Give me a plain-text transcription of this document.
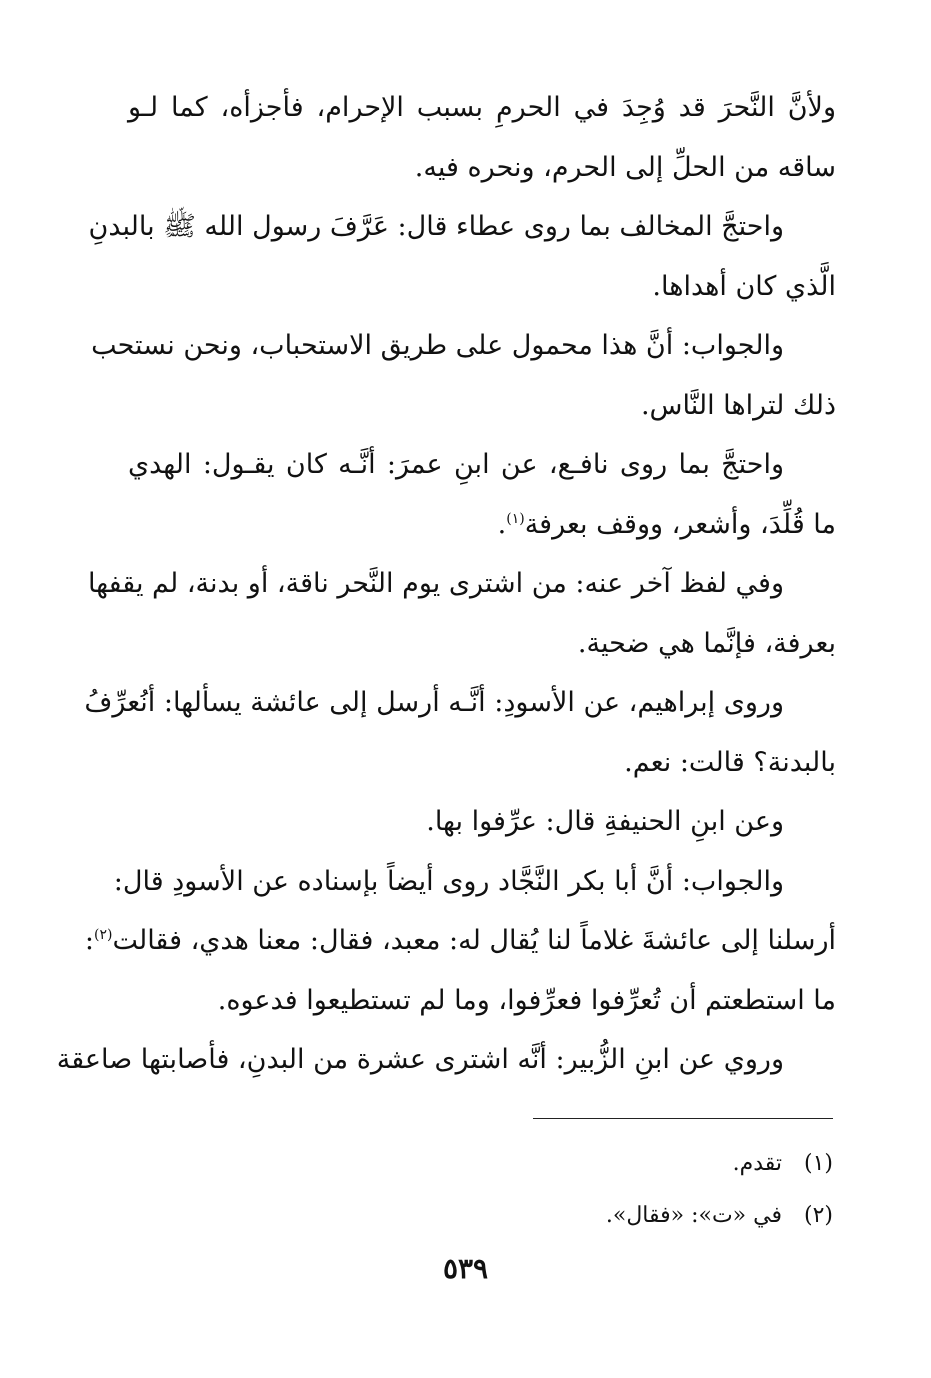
ولأنَّ النَّحرَ قد وُجِدَ في الحرمِ بسبب الإحرام، فأجزأه، كما لـو
ساقه من الحلِّ إلى الحرم، ونحره فيه.
واحتجَّ المخالف بما روى عطاء قال: عَرَّفَ رسول الله ﷺ بالبدنِ
الَّذي كان أهداها.
والجواب: أنَّ هذا محمول على طريق الاستحباب، ونحن نستحب
ذلك لتراها النَّاس.
واحتجَّ بما روى نافـع، عن ابنِ عمرَ: أنَّـه كان يقـول: الهدي
ما قُلِّدَ، وأشعر، ووقف بعرفة$^{(١)}$.
وفي لفظ آخر عنه: من اشترى يوم النَّحر ناقة، أو بدنة، لم يقفها
بعرفة، فإنَّما هي ضحية.
وروى إبراهيم، عن الأسودِ: أنَّـه أرسل إلى عائشة يسألها: أنُعرِّفُ
بالبدنة؟ قالت: نعم.
وعن ابنِ الحنيفةِ قال: عرِّفوا بها.
والجواب: أنَّ أبا بكر النَّجَّاد روى أيضاً بإسناده عن الأسودِ قال:
أرسلنا إلى عائشةَ غلاماً لنا يُقال له: معبد، فقال: معنا هدي، فقالت$^{(٢)}$:
ما استطعتم أن تُعرِّفوا فعرِّفوا، وما لم تستطيعوا فدعوه.
وروي عن ابنِ الزُّبير: أنَّه اشترى عشرة من البدنِ، فأصابتها صاعقة
(١) تقدم.
(٢) في «ت»: «فقال».
٥٣٩
